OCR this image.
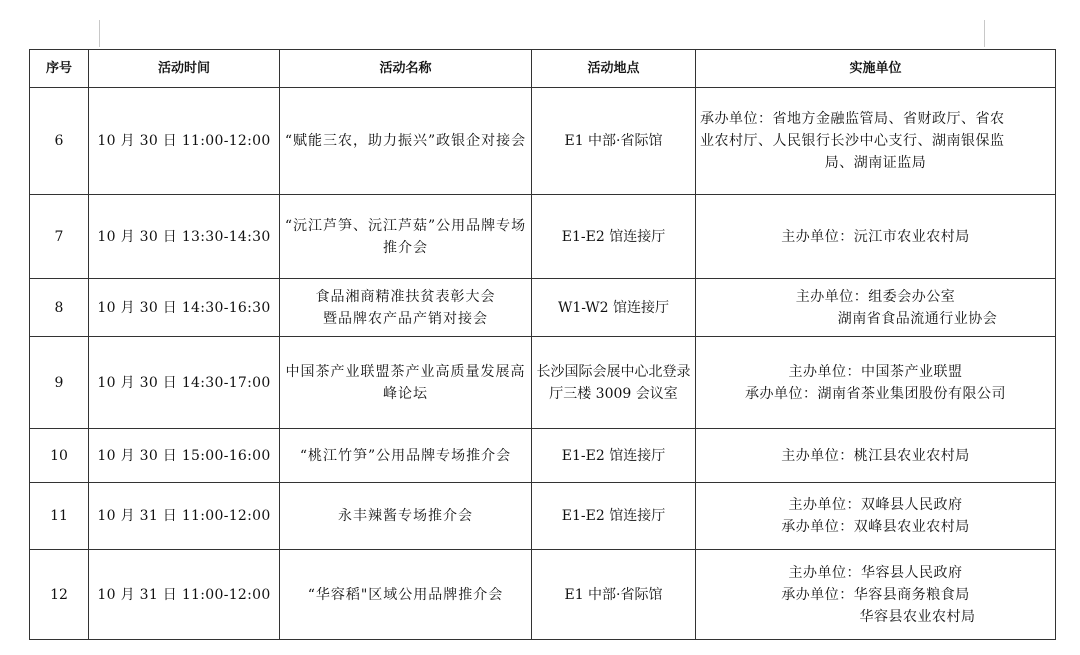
序号	活动时间	活动名称	活动地点	实施单位
6	10 月 30 日 11:00-12:00	“赋能三农，助力振兴”政银企对接会	E1 中部·省际馆	承办单位：省地方金融监管局、省财政厅、省农
业农村厅、人民银行长沙中心支行、湖南银保监
局、湖南证监局

7	10 月 30 日 13:30-14:30	“沅江芦笋、沅江芦菇”公用品牌专场推介会	E1-E2 馆连接厅	主办单位：沅江市农业农村局

8	10 月 30 日 14:30-16:30	食品湘商精准扶贫表彰大会
暨品牌农产品产销对接会	W1-W2 馆连接厅	主办单位：组委会办公室
湖南省食品流通行业协会

9	10 月 30 日 14:30-17:00	中国茶产业联盟茶产业高质量发展高峰论坛	长沙国际会展中心北登录厅三楼 3009 会议室	主办单位：中国茶产业联盟
承办单位：湖南省茶业集团股份有限公司

10	10 月 30 日 15:00-16:00	“桃江竹笋”公用品牌专场推介会	E1-E2 馆连接厅	主办单位：桃江县农业农村局

11	10 月 31 日 11:00-12:00	永丰辣酱专场推介会	E1-E2 馆连接厅	主办单位：双峰县人民政府
承办单位：双峰县农业农村局

12	10 月 31 日 11:00-12:00	“华容稻"区域公用品牌推介会	E1 中部·省际馆	主办单位：华容县人民政府
承办单位：华容县商务粮食局
华容县农业农村局
